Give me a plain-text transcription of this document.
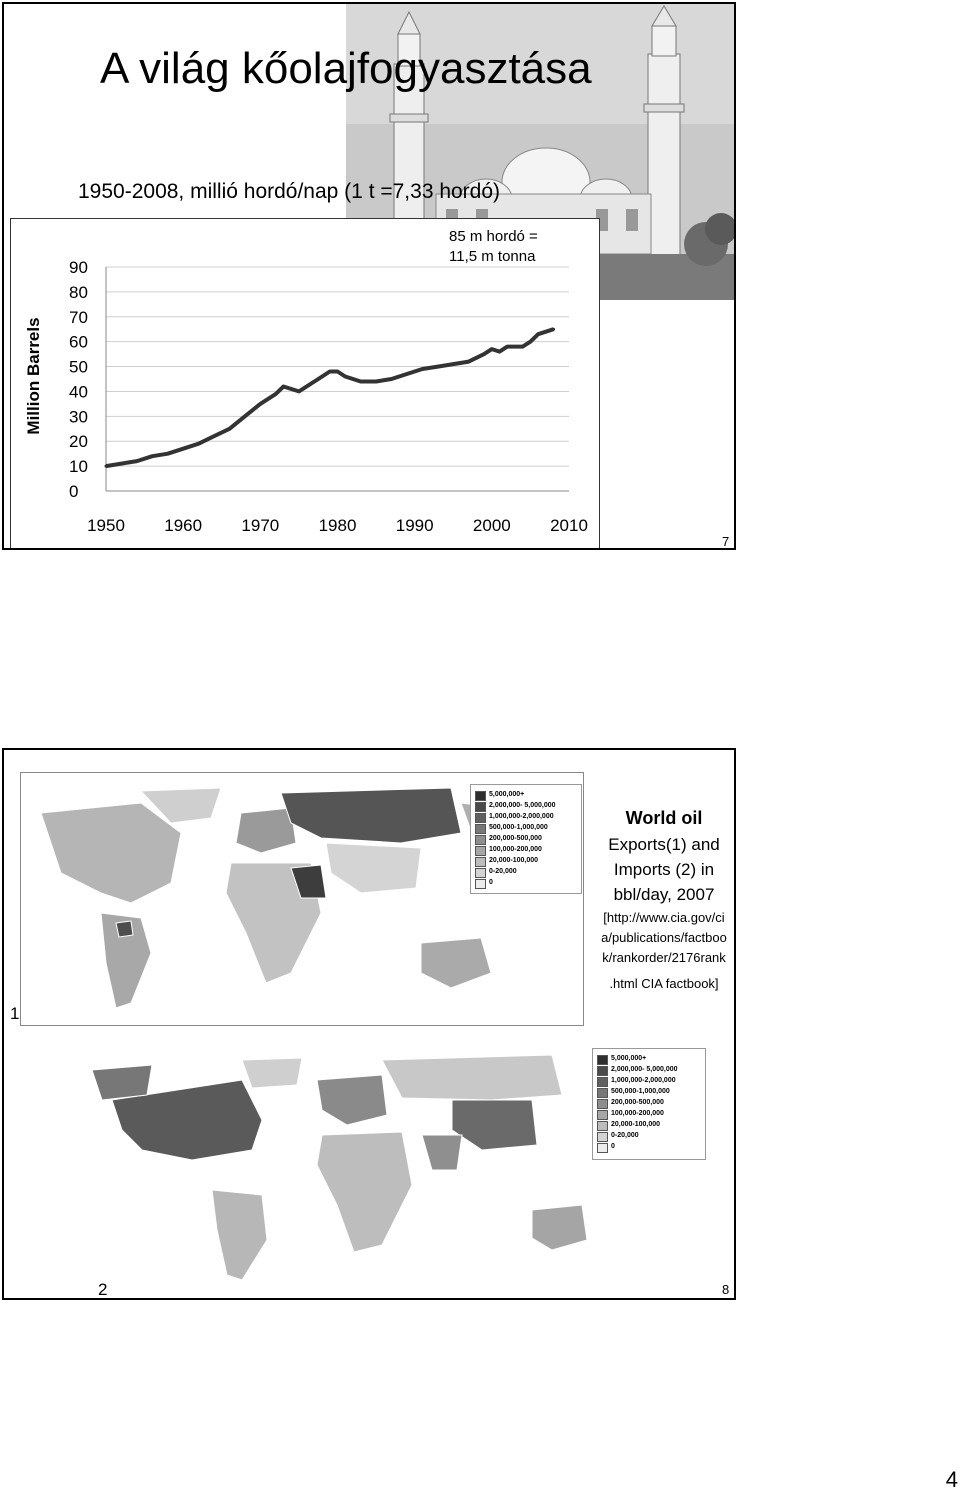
A világ kőolajfogyasztása
1950-2008, millió hordó/nap (1 t =7,33 hordó)
90
80
70
60
50
40
30
20
10
0
1950 1960 1970 1980 1990 2000 2010
85 m hordó =
11,5 m tonna
Million Barrels
7
5,000,000+
2,000,000- 5,000,000
1,000,000-2,000,000
500,000-1,000,000
200,000-500,000
100,000-200,000
20,000-100,000
0-20,000
0
5,000,000+
2,000,000- 5,000,000
1,000,000-2,000,000
500,000-1,000,000
200,000-500,000
100,000-200,000
20,000-100,000
0-20,000
0
World oil
Exports(1) and
Imports (2) in
bbl/day, 2007
[http://www.cia.gov/ci
a/publications/factboo
k/rankorder/2176rank
.html CIA factbook]
1
2	8
4
